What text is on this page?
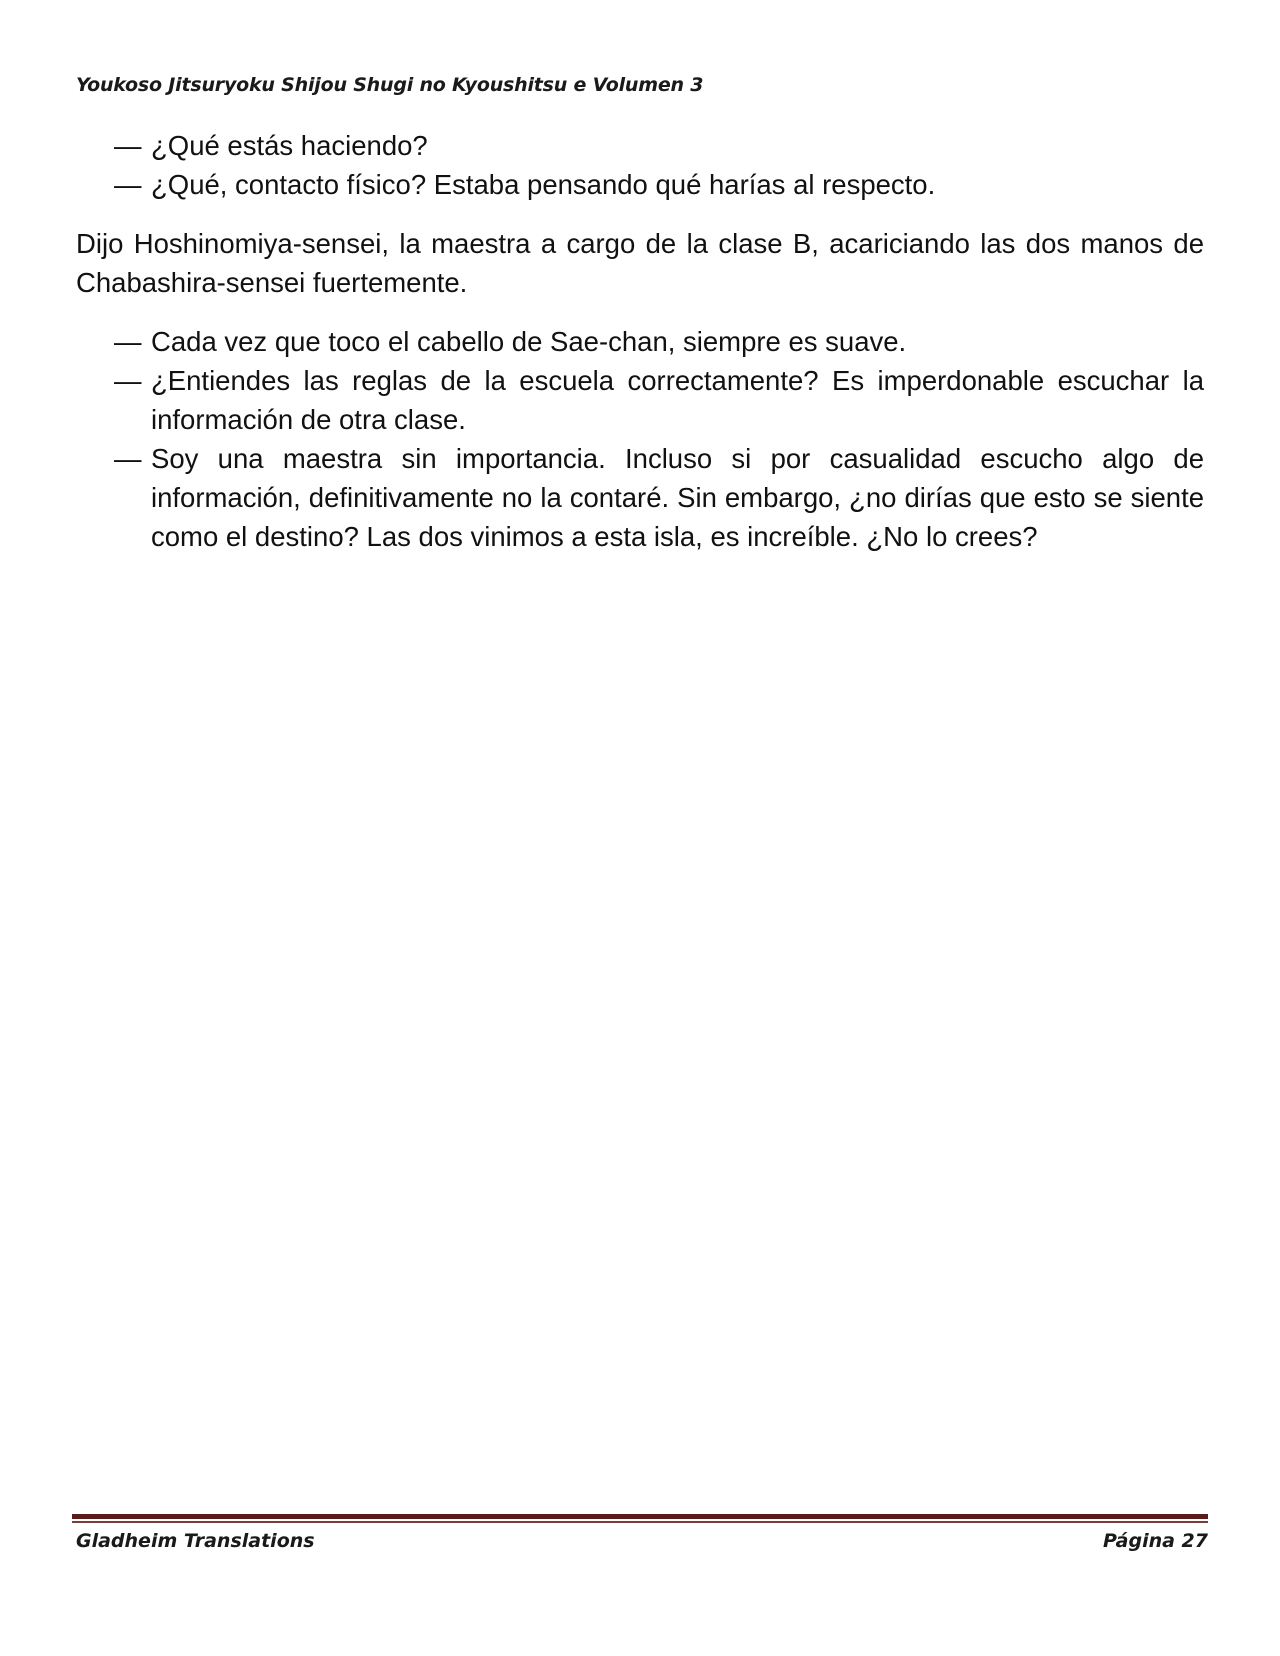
Youkoso Jitsuryoku Shijou Shugi no Kyoushitsu e Volumen 3
— ¿Qué estás haciendo?
— ¿Qué, contacto físico? Estaba pensando qué harías al respecto.

Dijo Hoshinomiya-sensei, la maestra a cargo de la clase B, acariciando las dos manos de Chabashira-sensei fuertemente.

— Cada vez que toco el cabello de Sae-chan, siempre es suave.
— ¿Entiendes las reglas de la escuela correctamente? Es imperdonable escuchar la información de otra clase.
— Soy una maestra sin importancia. Incluso si por casualidad escucho algo de información, definitivamente no la contaré. Sin embargo, ¿no dirías que esto se siente como el destino? Las dos vinimos a esta isla, es increíble. ¿No lo crees?
Gladheim Translations	Página 27
